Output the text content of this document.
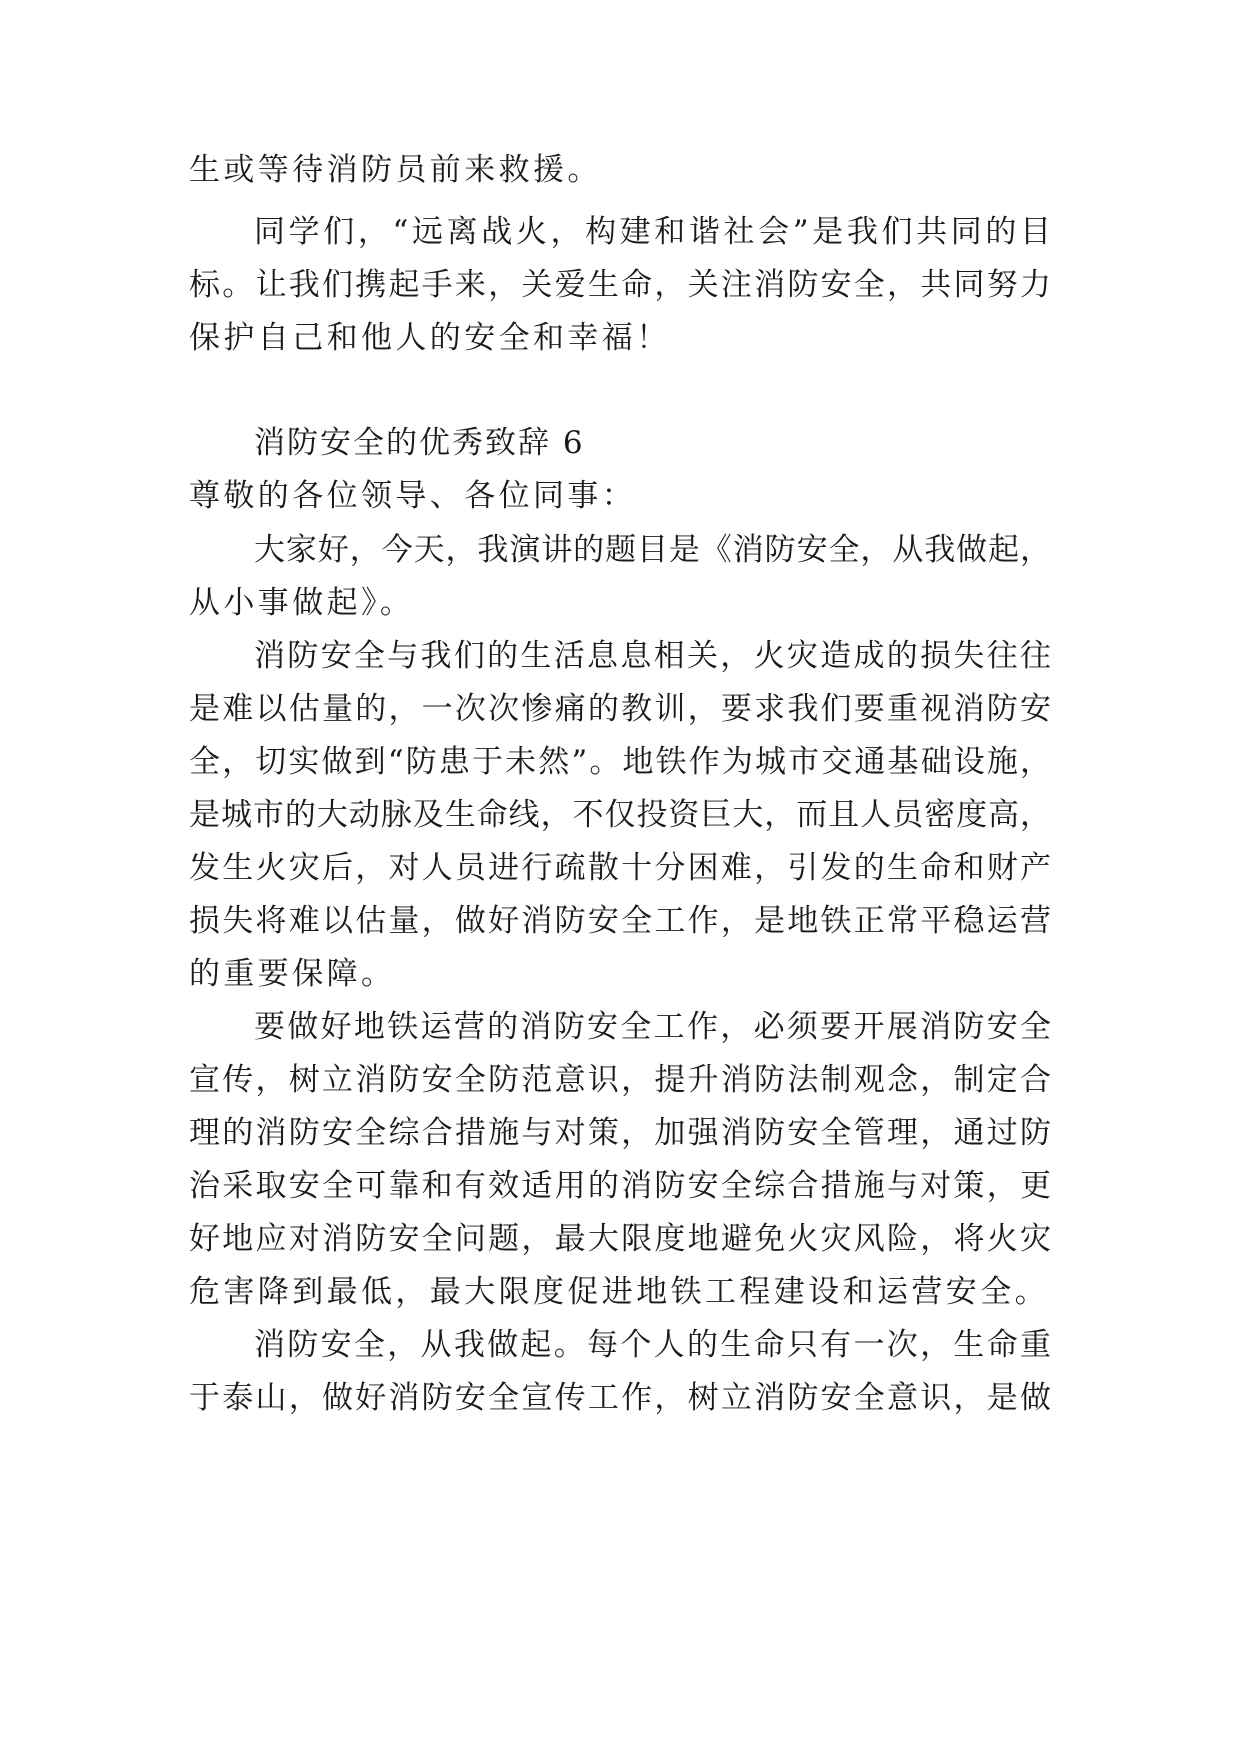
生或等待消防员前来救援。
同学们，“远离战火，构建和谐社会”是我们共同的目
标。让我们携起手来，关爱生命，关注消防安全，共同努力
保护自己和他人的安全和幸福！
消防安全的优秀致辞 6
尊敬的各位领导、各位同事：
大家好，今天，我演讲的题目是《消防安全，从我做起，
从小事做起》。
消防安全与我们的生活息息相关，火灾造成的损失往往
是难以估量的，一次次惨痛的教训，要求我们要重视消防安
全，切实做到“防患于未然”。地铁作为城市交通基础设施，
是城市的大动脉及生命线，不仅投资巨大，而且人员密度高，
发生火灾后，对人员进行疏散十分困难，引发的生命和财产
损失将难以估量，做好消防安全工作，是地铁正常平稳运营
的重要保障。
要做好地铁运营的消防安全工作，必须要开展消防安全
宣传，树立消防安全防范意识，提升消防法制观念，制定合
理的消防安全综合措施与对策，加强消防安全管理，通过防
治采取安全可靠和有效适用的消防安全综合措施与对策，更
好地应对消防安全问题，最大限度地避免火灾风险，将火灾
危害降到最低，最大限度促进地铁工程建设和运营安全。
消防安全，从我做起。每个人的生命只有一次，生命重
于泰山，做好消防安全宣传工作，树立消防安全意识，是做
